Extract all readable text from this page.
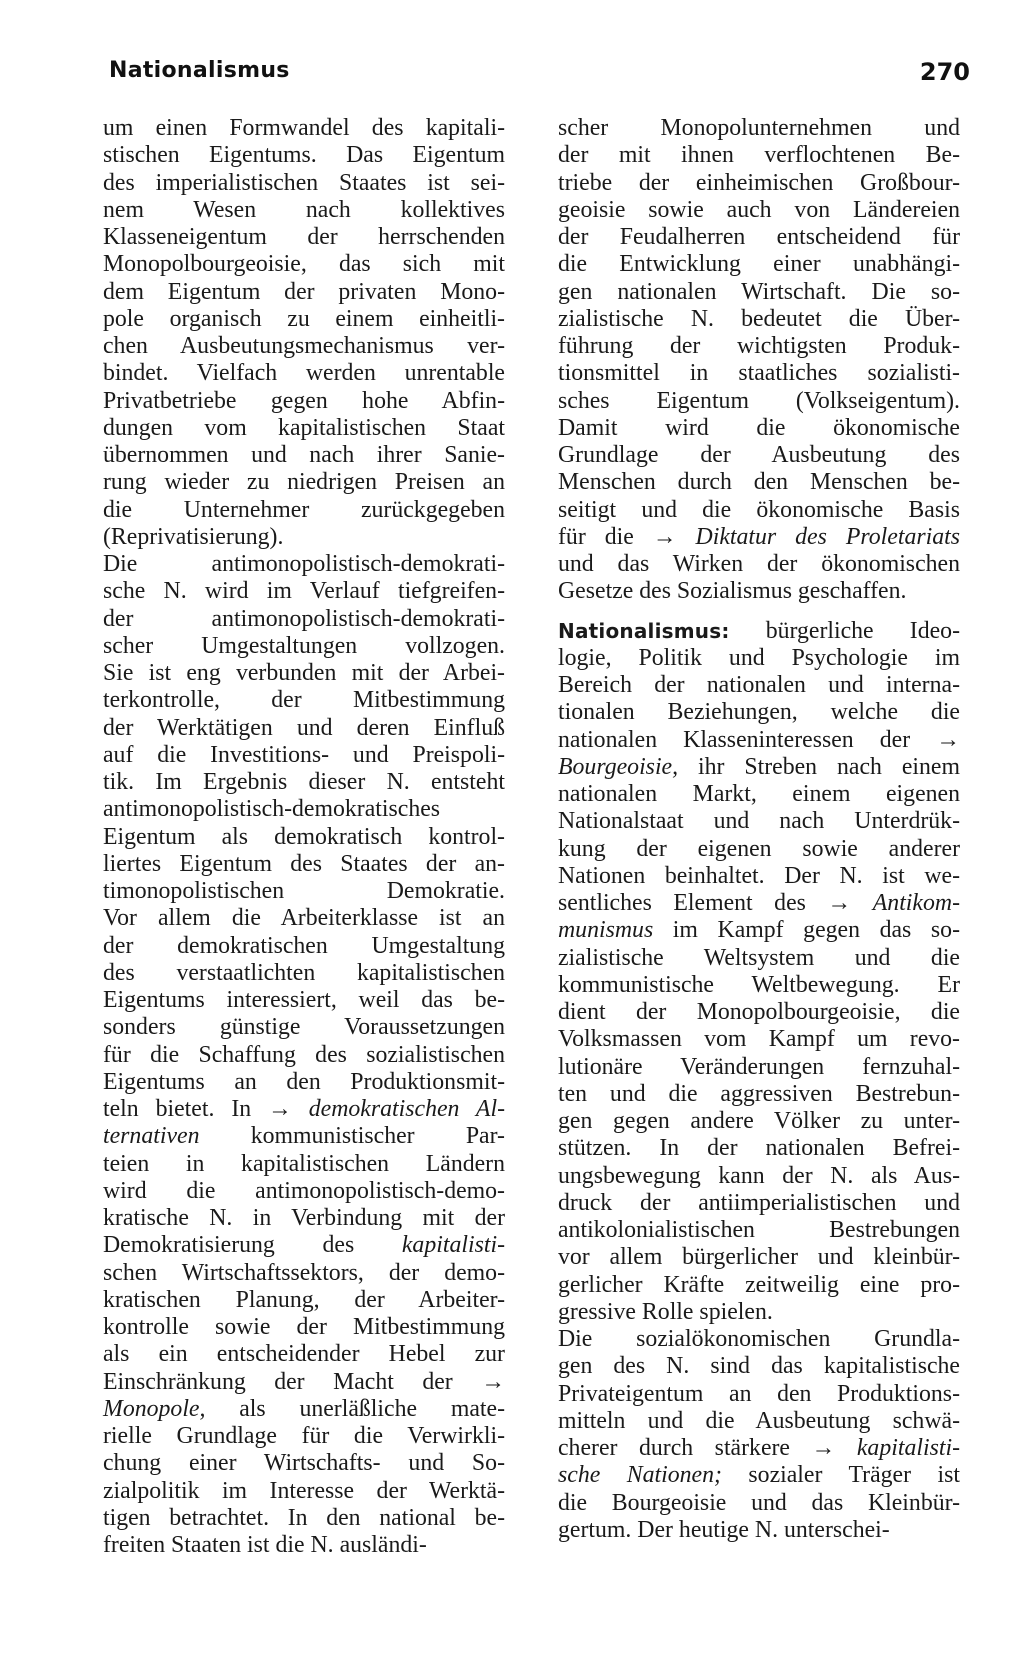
Nationalismus	270
um einen Formwandel des kapitali-
stischen Eigentums. Das Eigentum
des imperialistischen Staates ist sei-
nem Wesen nach kollektives
Klasseneigentum der herrschenden
Monopolbourgeoisie, das sich mit
dem Eigentum der privaten Mono-
pole organisch zu einem einheitli-
chen Ausbeutungsmechanismus ver-
bindet. Vielfach werden unrentable
Privatbetriebe gegen hohe Abfin-
dungen vom kapitalistischen Staat
übernommen und nach ihrer Sanie-
rung wieder zu niedrigen Preisen an
die Unternehmer zurückgegeben
(Reprivatisierung).
Die antimonopolistisch-demokrati-
sche N. wird im Verlauf tiefgreifen-
der antimonopolistisch-demokrati-
scher Umgestaltungen vollzogen.
Sie ist eng verbunden mit der Arbei-
terkontrolle, der Mitbestimmung
der Werktätigen und deren Einfluß
auf die Investitions- und Preispoli-
tik. Im Ergebnis dieser N. entsteht
antimonopolistisch-demokratisches
Eigentum als demokratisch kontrol-
liertes Eigentum des Staates der an-
timonopolistischen Demokratie.
Vor allem die Arbeiterklasse ist an
der demokratischen Umgestaltung
des verstaatlichten kapitalistischen
Eigentums interessiert, weil das be-
sonders günstige Voraussetzungen
für die Schaffung des sozialistischen
Eigentums an den Produktionsmit-
teln bietet. In → demokratischen Al-
ternativen kommunistischer Par-
teien in kapitalistischen Ländern
wird die antimonopolistisch-demo-
kratische N. in Verbindung mit der
Demokratisierung des kapitalisti-
schen Wirtschaftssektors, der demo-
kratischen Planung, der Arbeiter-
kontrolle sowie der Mitbestimmung
als ein entscheidender Hebel zur
Einschränkung der Macht der →
Monopole, als unerläßliche mate-
rielle Grundlage für die Verwirkli-
chung einer Wirtschafts- und So-
zialpolitik im Interesse der Werktä-
tigen betrachtet. In den national be-
freiten Staaten ist die N. ausländi-
scher Monopolunternehmen und
der mit ihnen verflochtenen Be-
triebe der einheimischen Großbour-
geoisie sowie auch von Ländereien
der Feudalherren entscheidend für
die Entwicklung einer unabhängi-
gen nationalen Wirtschaft. Die so-
zialistische N. bedeutet die Über-
führung der wichtigsten Produk-
tionsmittel in staatliches sozialisti-
sches Eigentum (Volkseigentum).
Damit wird die ökonomische
Grundlage der Ausbeutung des
Menschen durch den Menschen be-
seitigt und die ökonomische Basis
für die → Diktatur des Proletariats
und das Wirken der ökonomischen
Gesetze des Sozialismus geschaffen.
Nationalismus: bürgerliche Ideo-
logie, Politik und Psychologie im
Bereich der nationalen und interna-
tionalen Beziehungen, welche die
nationalen Klasseninteressen der →
Bourgeoisie, ihr Streben nach einem
nationalen Markt, einem eigenen
Nationalstaat und nach Unterdrük-
kung der eigenen sowie anderer
Nationen beinhaltet. Der N. ist we-
sentliches Element des → Antikom-
munismus im Kampf gegen das so-
zialistische Weltsystem und die
kommunistische Weltbewegung. Er
dient der Monopolbourgeoisie, die
Volksmassen vom Kampf um revo-
lutionäre Veränderungen fernzuhal-
ten und die aggressiven Bestrebun-
gen gegen andere Völker zu unter-
stützen. In der nationalen Befrei-
ungsbewegung kann der N. als Aus-
druck der antiimperialistischen und
antikolonialistischen Bestrebungen
vor allem bürgerlicher und kleinbür-
gerlicher Kräfte zeitweilig eine pro-
gressive Rolle spielen.
Die sozialökonomischen Grundla-
gen des N. sind das kapitalistische
Privateigentum an den Produktions-
mitteln und die Ausbeutung schwä-
cherer durch stärkere → kapitalisti-
sche Nationen; sozialer Träger ist
die Bourgeoisie und das Kleinbür-
gertum. Der heutige N. unterschei-
